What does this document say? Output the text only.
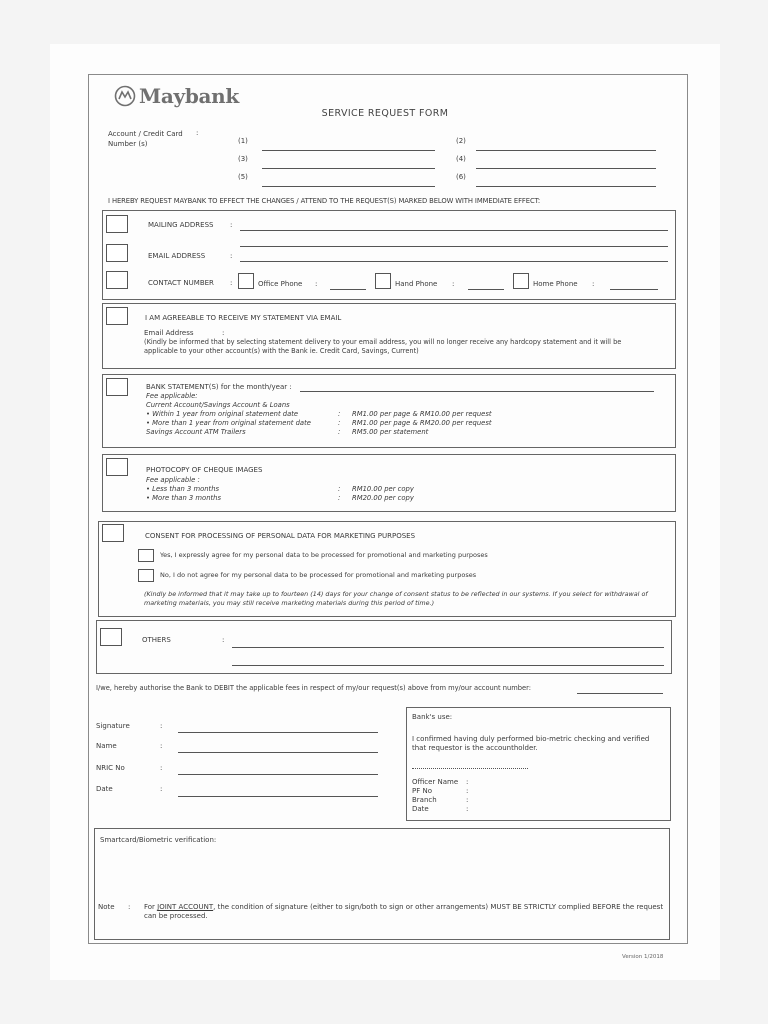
Maybank
SERVICE REQUEST FORM
Account / Credit Card Number (s)
:
(1)	(2)
(3)	(4)
(5)	(6)
I HEREBY REQUEST MAYBANK TO EFFECT THE CHANGES / ATTEND TO THE REQUEST(S) MARKED BELOW WITH IMMEDIATE EFFECT:
MAILING ADDRESS :
EMAIL ADDRESS	:
CONTACT NUMBER :	Office Phone :	Hand Phone :	Home Phone :
I AM AGREEABLE TO RECEIVE MY STATEMENT VIA EMAIL
Email Address	:
(Kindly be informed that by selecting statement delivery to your email address, you will no longer receive any hardcopy statement and it will be applicable to your other account(s) with the Bank ie. Credit Card, Savings, Current)
BANK STATEMENT(S) for the month/year :
Fee applicable:
Current Account/Savings Account & Loans
• Within 1 year from original statement date	: RM1.00 per page & RM10.00 per request
• More than 1 year from original statement date	: RM1.00 per page & RM20.00 per request
Savings Account ATM Trailers	: RM5.00 per statement
PHOTOCOPY OF CHEQUE IMAGES
Fee applicable :
• Less than 3 months	: RM10.00 per copy
• More than 3 months	: RM20.00 per copy
CONSENT FOR PROCESSING OF PERSONAL DATA FOR MARKETING PURPOSES
Yes, I expressly agree for my personal data to be processed for promotional and marketing purposes
No, I do not agree for my personal data to be processed for promotional and marketing purposes
(Kindly be informed that it may take up to fourteen (14) days for your change of consent status to be reflected in our systems. If you select for withdrawal of marketing materials, you may still receive marketing materials during this period of time.)
OTHERS	:
I/we, hereby authorise the Bank to DEBIT the applicable fees in respect of my/our request(s) above from my/our account number:
Signature	:
Name	:
NRIC No	:
Date	:
Bank's use:
I confirmed having duly performed bio-metric checking and verified that requestor is the accountholder.
Officer Name :
PF No	:
Branch	:
Date	:
Smartcard/Biometric verification:
Note : For JOINT ACCOUNT, the condition of signature (either to sign/both to sign or other arrangements) MUST BE STRICTLY complied BEFORE the request can be processed.
Version 1/2018
